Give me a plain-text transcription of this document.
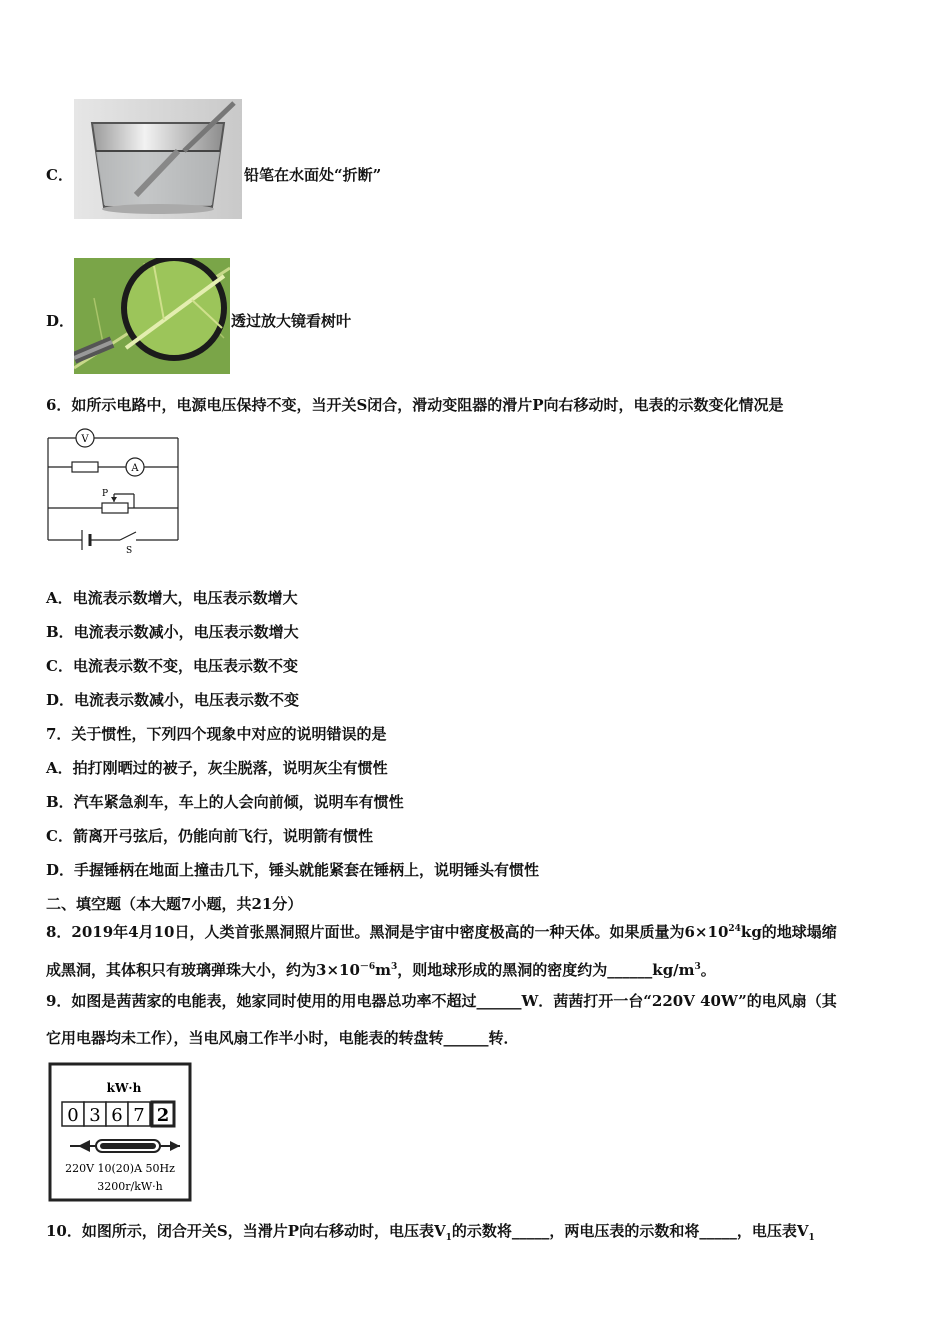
C．	铅笔在水面处“折断”
D．	透过放大镜看树叶
6．如所示电路中，电源电压保持不变，当开关S闭合，滑动变阻器的滑片P向右移动时，电表的示数变化情况是
V
A
P
S
A．电流表示数增大，电压表示数增大
B．电流表示数减小，电压表示数增大
C．电流表示数不变，电压表示数不变
D．电流表示数减小，电压表示数不变
7．关于惯性，下列四个现象中对应的说明错误的是
A．拍打刚晒过的被子，灰尘脱落，说明灰尘有惯性
B．汽车紧急刹车，车上的人会向前倾，说明车有惯性
C．箭离开弓弦后，仍能向前飞行，说明箭有惯性
D．手握锤柄在地面上撞击几下，锤头就能紧套在锤柄上，说明锤头有惯性
二、填空题（本大题7小题，共21分）
8．2019年4月10日，人类首张黑洞照片面世。黑洞是宇宙中密度极高的一种天体。如果质量为$6\times 10^{24}kg$的地球塌缩
成黑洞，其体积只有玻璃弹珠大小，约为$3\times 10^{-6}m^3$，则地球形成的黑洞的密度约为$\_\_\_\_\_\_kg/m^3$。
9．如图是茜茜家的电能表，她家同时使用的用电器总功率不超过______W．茜茜打开一台“220V 40W”的电风扇（其
它用电器均未工作），当电风扇工作半小时，电能表的转盘转______转．
kW·h
0 3 6 7 2
220V 10(20)A 50Hz
3200r/kW·h
10．如图所示，闭合开关S，当滑片P向右移动时，电压表$V_1$的示数将_____，两电压表的示数和将_____，电压表$V_1$
